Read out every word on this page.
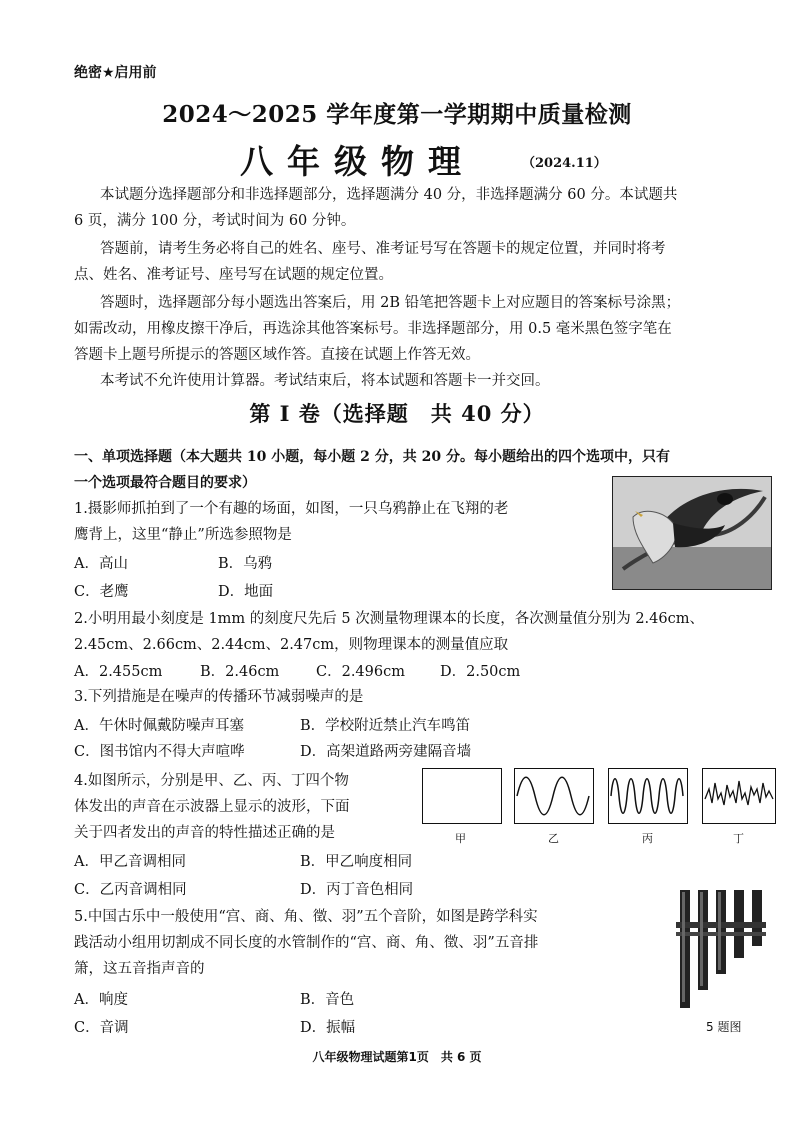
绝密★启用前
2024～2025 学年度第一学期期中质量检测
八年级物理	（2024.11）
本试题分选择题部分和非选择题部分，选择题满分 40 分，非选择题满分 60 分。本试题共
6 页，满分 100 分，考试时间为 60 分钟。
答题前，请考生务必将自己的姓名、座号、准考证号写在答题卡的规定位置，并同时将考
点、姓名、准考证号、座号写在试题的规定位置。
答题时，选择题部分每小题选出答案后，用 2B 铅笔把答题卡上对应题目的答案标号涂黑；
如需改动，用橡皮擦干净后，再选涂其他答案标号。非选择题部分，用 0.5 毫米黑色签字笔在
答题卡上题号所提示的答题区域作答。直接在试题上作答无效。
本考试不允许使用计算器。考试结束后，将本试题和答题卡一并交回。
第 I 卷（选择题　共 40 分）
一、单项选择题（本大题共 10 小题，每小题 2 分，共 20 分。每小题给出的四个选项中，只有
一个选项最符合题目的要求）
1.摄影师抓拍到了一个有趣的场面，如图，一只乌鸦静止在飞翔的老
鹰背上，这里“静止”所选参照物是
A．高山	B．乌鸦
C．老鹰	D．地面
2.小明用最小刻度是 1mm 的刻度尺先后 5 次测量物理课本的长度，各次测量值分别为 2.46cm、
2.45cm、2.66cm、2.44cm、2.47cm，则物理课本的测量值应取
A．2.455cm	B．2.46cm	C．2.496cm D．2.50cm
3.下列措施是在噪声的传播环节减弱噪声的是
A．午休时佩戴防噪声耳塞	B．学校附近禁止汽车鸣笛
C．图书馆内不得大声喧哗	D．高架道路两旁建隔音墙
4.如图所示，分别是甲、乙、丙、丁四个物
体发出的声音在示波器上显示的波形，下面
关于四者发出的声音的特性描述正确的是
A．甲乙音调相同	B．甲乙响度相同
C．乙丙音调相同	D．丙丁音色相同
甲	乙	丙	丁
5.中国古乐中一般使用“宫、商、角、徵、羽”五个音阶，如图是跨学科实
践活动小组用切割成不同长度的水管制作的“宫、商、角、徵、羽”五音排
箫，这五音指声音的
A．响度	B．音色
C．音调	D．振幅	5 题图
八年级物理试题第1页　共 6 页
